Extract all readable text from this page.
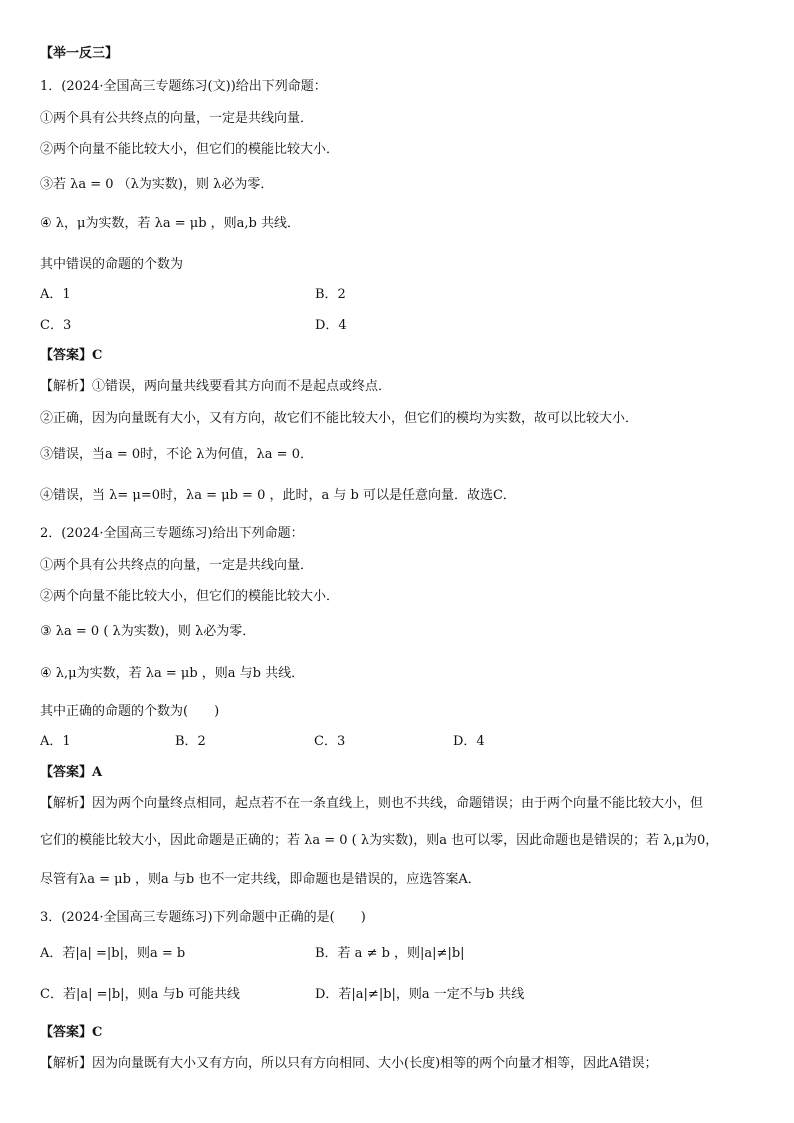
【举一反三】
1．(2024·全国高三专题练习(文))给出下列命题：
①两个具有公共终点的向量，一定是共线向量．
②两个向量不能比较大小，但它们的模能比较大小．
③若 λa = 0 （λ为实数)，则 λ必为零．
④ λ，μ为实数，若 λa = μb ，则a,b 共线．
其中错误的命题的个数为
A．1	B．2
C．3	D．4
【答案】C
【解析】①错误，两向量共线要看其方向而不是起点或终点．
②正确，因为向量既有大小，又有方向，故它们不能比较大小，但它们的模均为实数，故可以比较大小．
③错误，当a = 0时，不论 λ为何值，λa = 0．
④错误，当 λ= μ=0时，λa = μb = 0 ，此时，a 与 b 可以是任意向量．故选C．
2．(2024·全国高三专题练习)给出下列命题：
①两个具有公共终点的向量，一定是共线向量．
②两个向量不能比较大小，但它们的模能比较大小．
③ λa = 0 ( λ为实数)，则 λ必为零．
④ λ,μ为实数，若 λa = μb ，则a 与b 共线．
其中正确的命题的个数为(　　)
A．1	B．2	C．3	D．4
【答案】A
【解析】因为两个向量终点相同，起点若不在一条直线上，则也不共线，命题错误；由于两个向量不能比较大小，但
它们的模能比较大小，因此命题是正确的；若 λa = 0 ( λ为实数)，则a 也可以零，因此命题也是错误的；若 λ,μ为0，
尽管有λa = μb ，则a 与b 也不一定共线，即命题也是错误的，应选答案A．
3．(2024·全国高三专题练习)下列命题中正确的是(　　)
A．若|a| =|b|，则a = b	B．若 a ≠ b ，则|a|≠|b|
C．若|a| =|b|，则a 与b 可能共线	D．若|a|≠|b|，则a 一定不与b 共线
【答案】C
【解析】因为向量既有大小又有方向，所以只有方向相同、大小(长度)相等的两个向量才相等，因此A错误；
